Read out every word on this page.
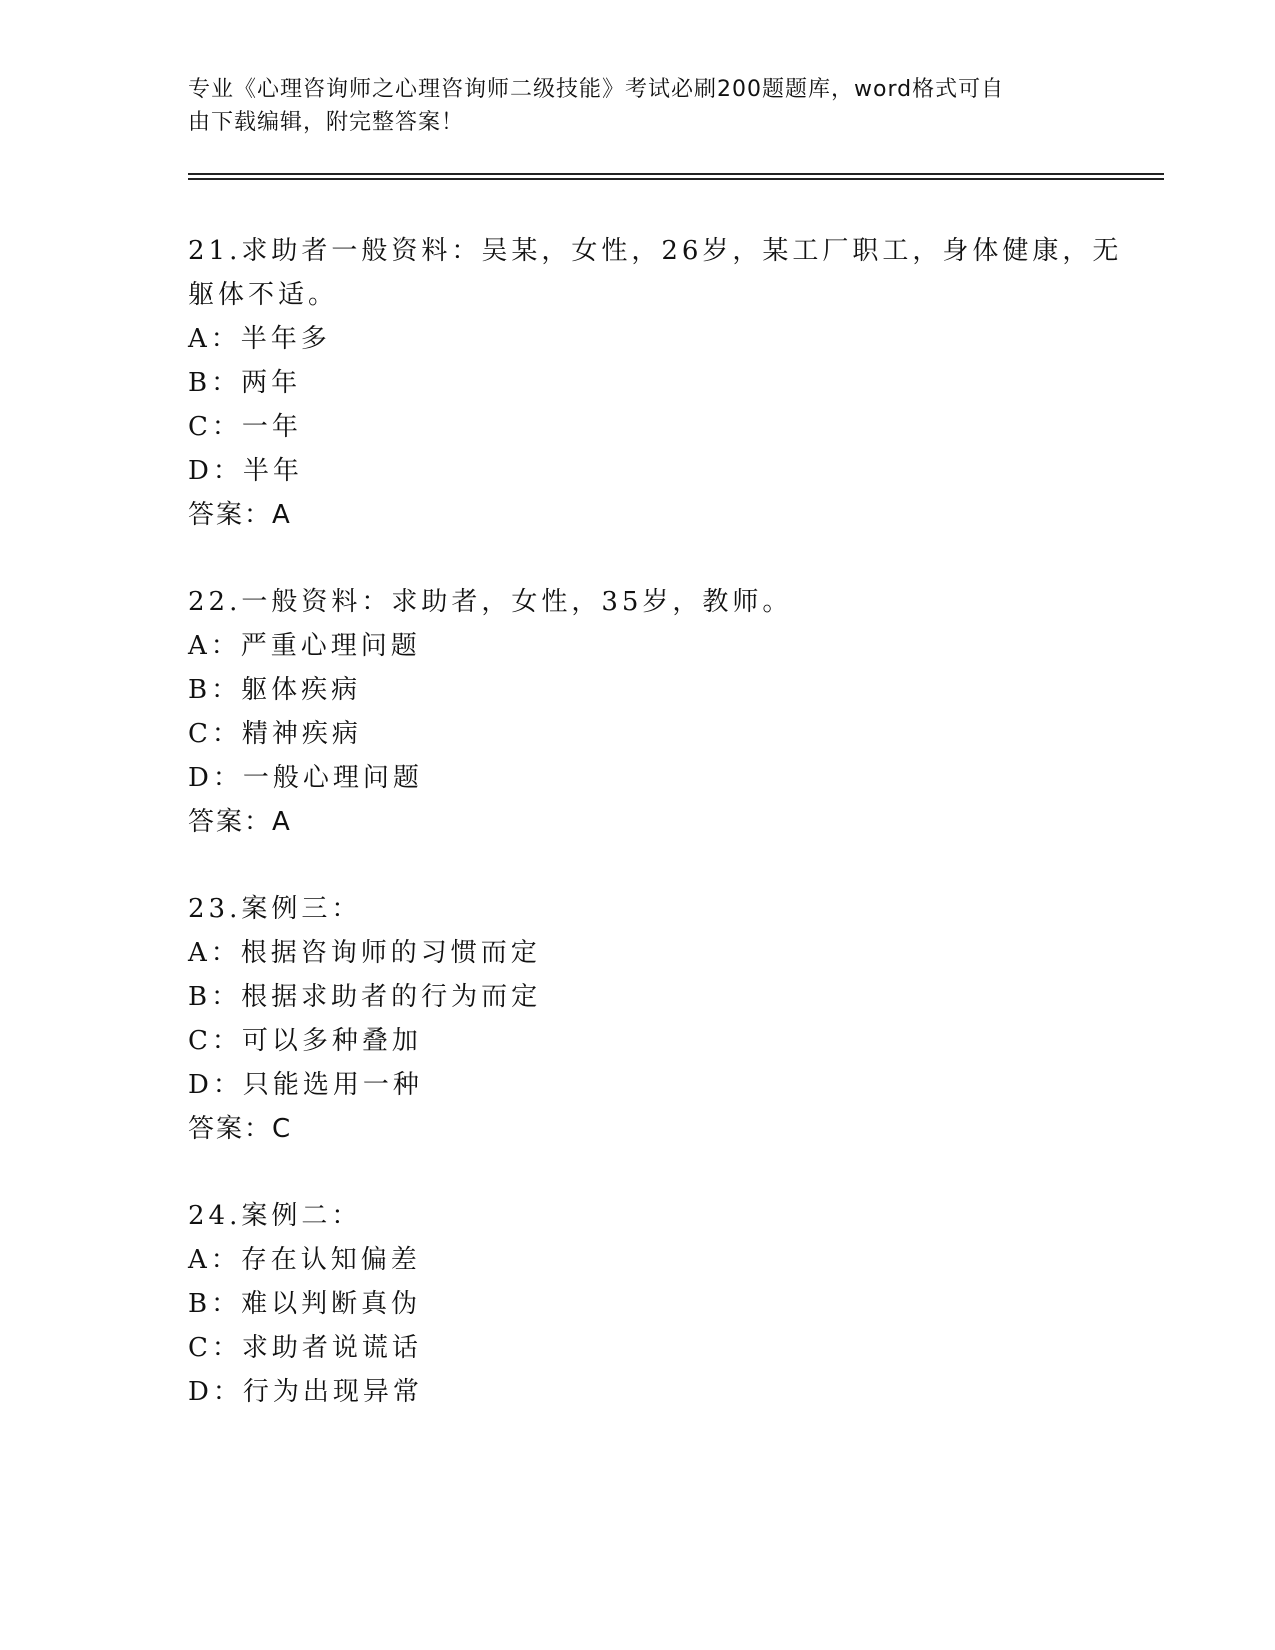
专业《心理咨询师之心理咨询师二级技能》考试必刷200题题库，word格式可自
由下载编辑，附完整答案！
21.求助者一般资料：吴某，女性，26岁，某工厂职工，身体健康，无
躯体不适。
A：半年多
B：两年
C：一年
D：半年
答案：A
22.一般资料：求助者，女性，35岁，教师。
A：严重心理问题
B：躯体疾病
C：精神疾病
D：一般心理问题
答案：A
23.案例三：
A：根据咨询师的习惯而定
B：根据求助者的行为而定
C：可以多种叠加
D：只能选用一种
答案：C
24.案例二：
A：存在认知偏差
B：难以判断真伪
C：求助者说谎话
D：行为出现异常
